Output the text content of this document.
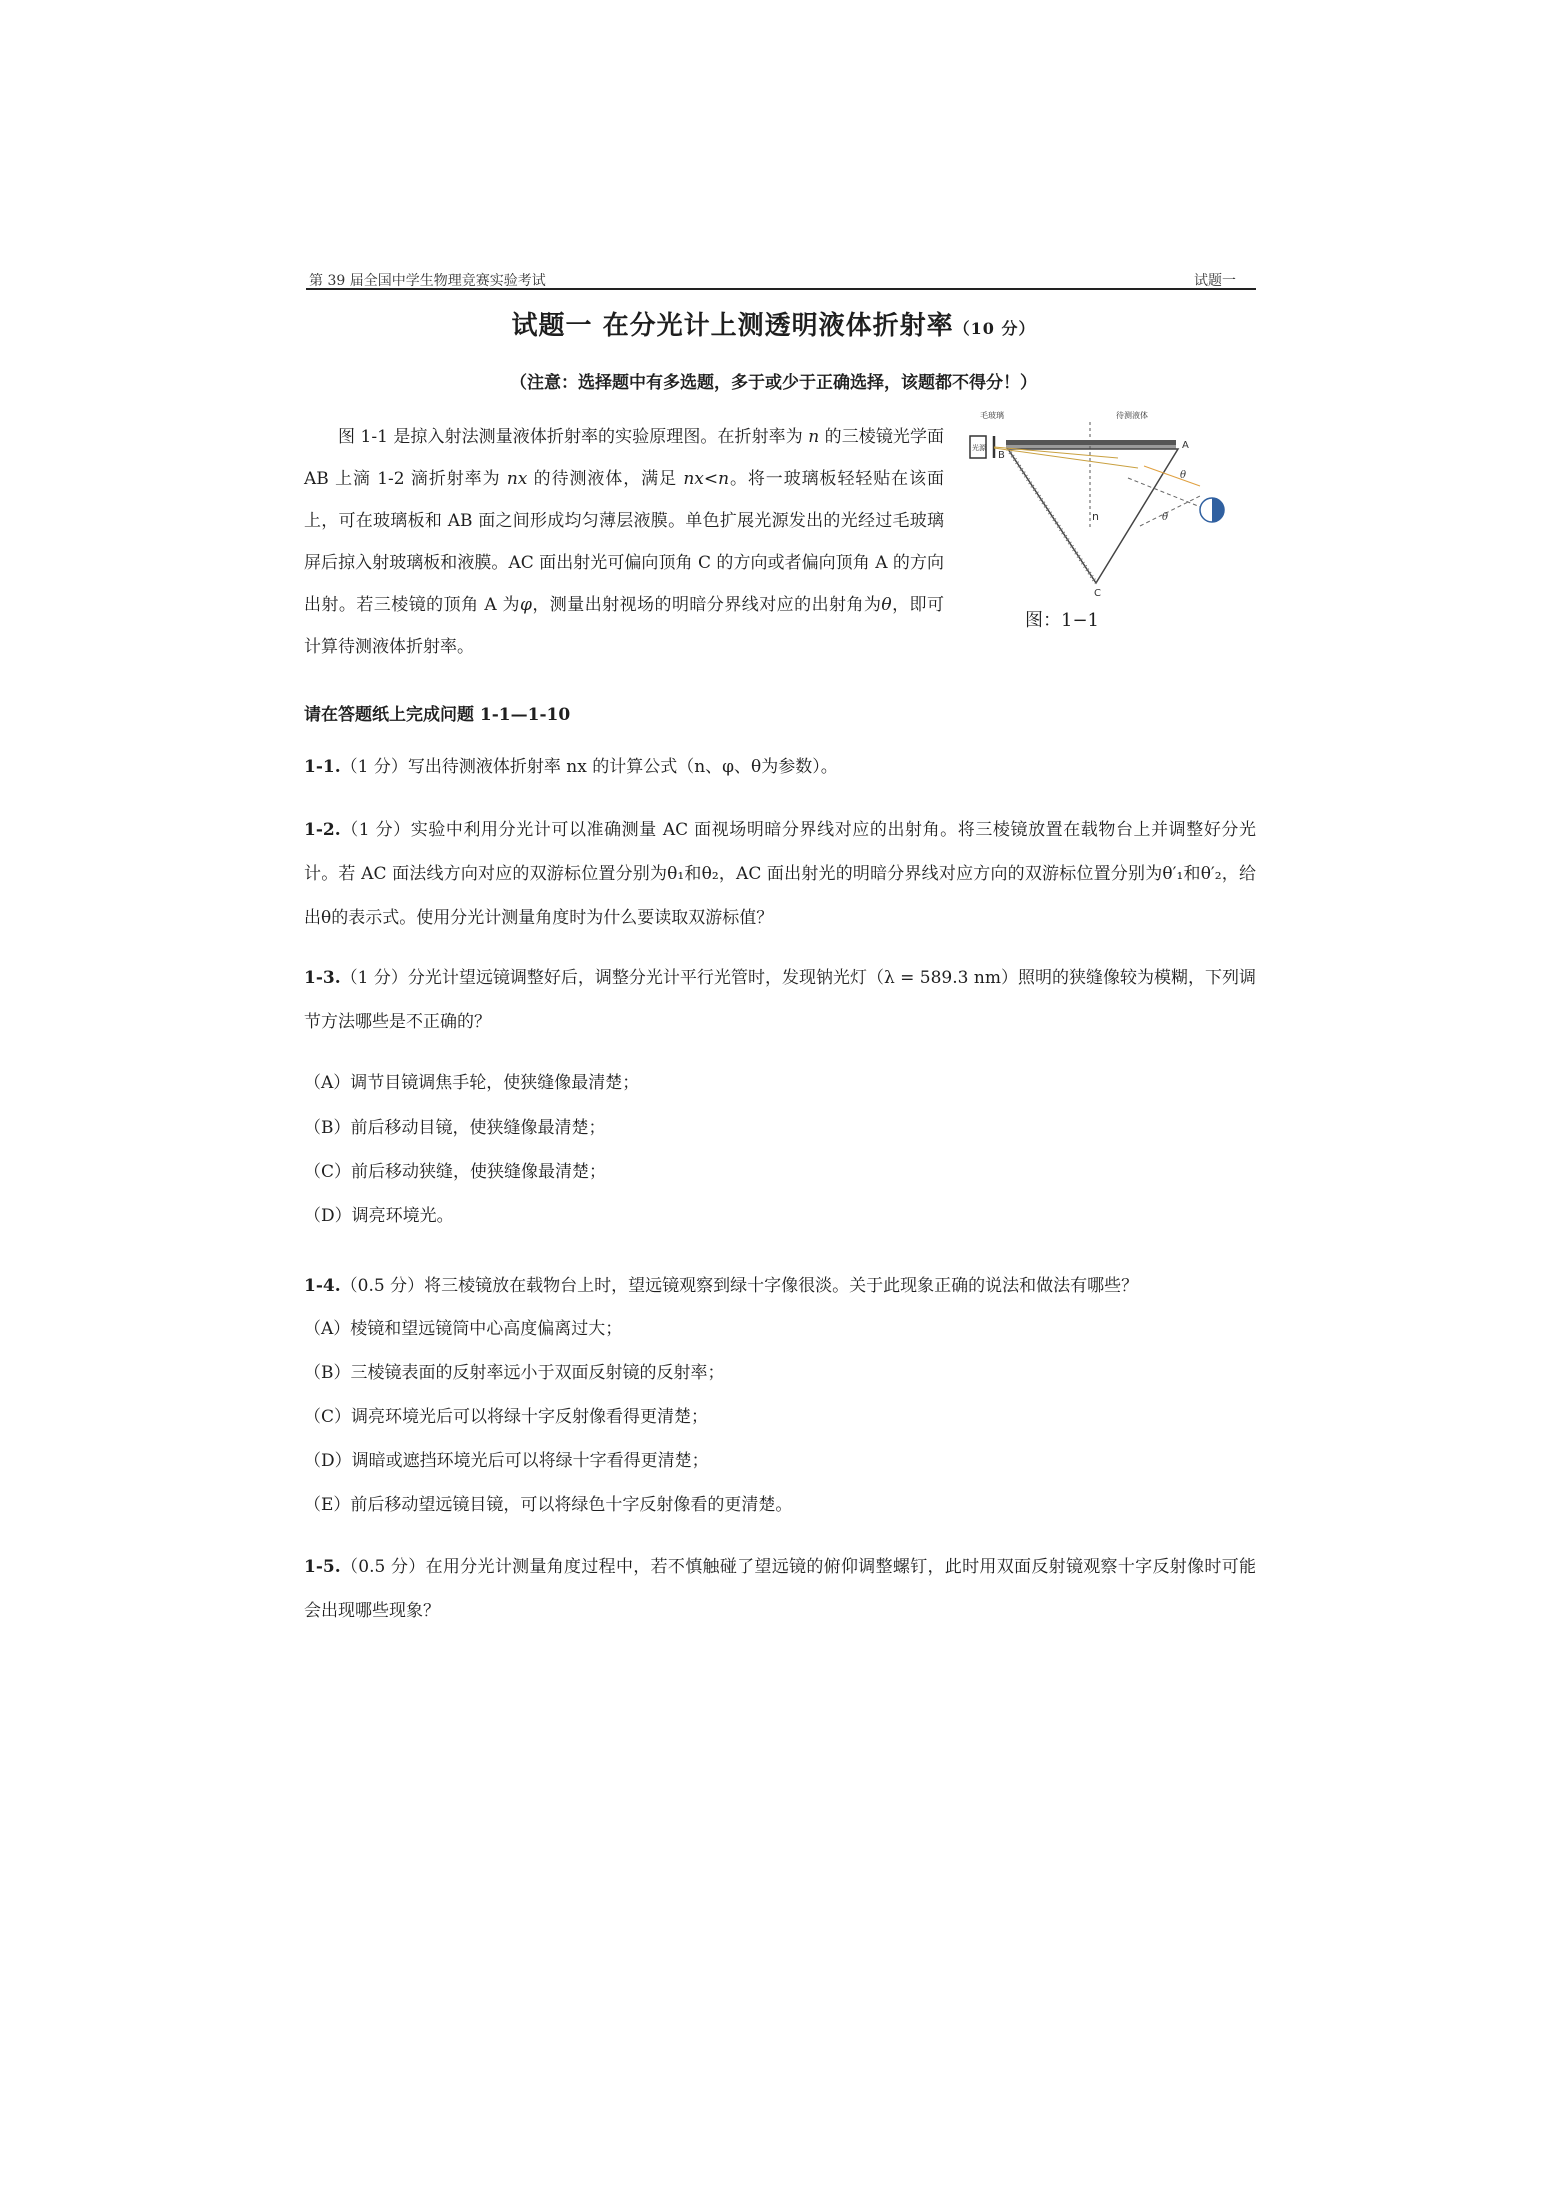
第 39 届全国中学生物理竞赛实验考试	试题一
试题一 在分光计上测透明液体折射率（10 分）
（注意：选择题中有多选题，多于或少于正确选择，该题都不得分！）
图 1-1 是掠入射法测量液体折射率的实验原理图。在折射率为 n 的三棱镜光学面 AB 上滴 1-2 滴折射率为 nx 的待测液体，满足 nx<n。将一玻璃板轻轻贴在该面上，可在玻璃板和 AB 面之间形成均匀薄层液膜。单色扩展光源发出的光经过毛玻璃屏后掠入射玻璃板和液膜。AC 面出射光可偏向顶角 C 的方向或者偏向顶角 A 的方向出射。若三棱镜的顶角 A 为φ，测量出射视场的明暗分界线对应的出射角为θ，即可计算待测液体折射率。
光源
毛玻璃	待测液体
B
A
C
n
θ
θ
图：1−1
请在答题纸上完成问题 1-1—1-10
1-1.（1 分）写出待测液体折射率 nx 的计算公式（n、φ、θ为参数）。
1-2.（1 分）实验中利用分光计可以准确测量 AC 面视场明暗分界线对应的出射角。将三棱镜放置在载物台上并调整好分光计。若 AC 面法线方向对应的双游标位置分别为θ₁和θ₂，AC 面出射光的明暗分界线对应方向的双游标位置分别为θ′₁和θ′₂，给出θ的表示式。使用分光计测量角度时为什么要读取双游标值？
1-3.（1 分）分光计望远镜调整好后，调整分光计平行光管时，发现钠光灯（λ = 589.3 nm）照明的狭缝像较为模糊，下列调节方法哪些是不正确的？
（A）调节目镜调焦手轮，使狭缝像最清楚；
（B）前后移动目镜，使狭缝像最清楚；
（C）前后移动狭缝，使狭缝像最清楚；
（D）调亮环境光。
1-4.（0.5 分）将三棱镜放在载物台上时，望远镜观察到绿十字像很淡。关于此现象正确的说法和做法有哪些？
（A）棱镜和望远镜筒中心高度偏离过大；
（B）三棱镜表面的反射率远小于双面反射镜的反射率；
（C）调亮环境光后可以将绿十字反射像看得更清楚；
（D）调暗或遮挡环境光后可以将绿十字看得更清楚；
（E）前后移动望远镜目镜，可以将绿色十字反射像看的更清楚。
1-5.（0.5 分）在用分光计测量角度过程中，若不慎触碰了望远镜的俯仰调整螺钉，此时用双面反射镜观察十字反射像时可能会出现哪些现象？
